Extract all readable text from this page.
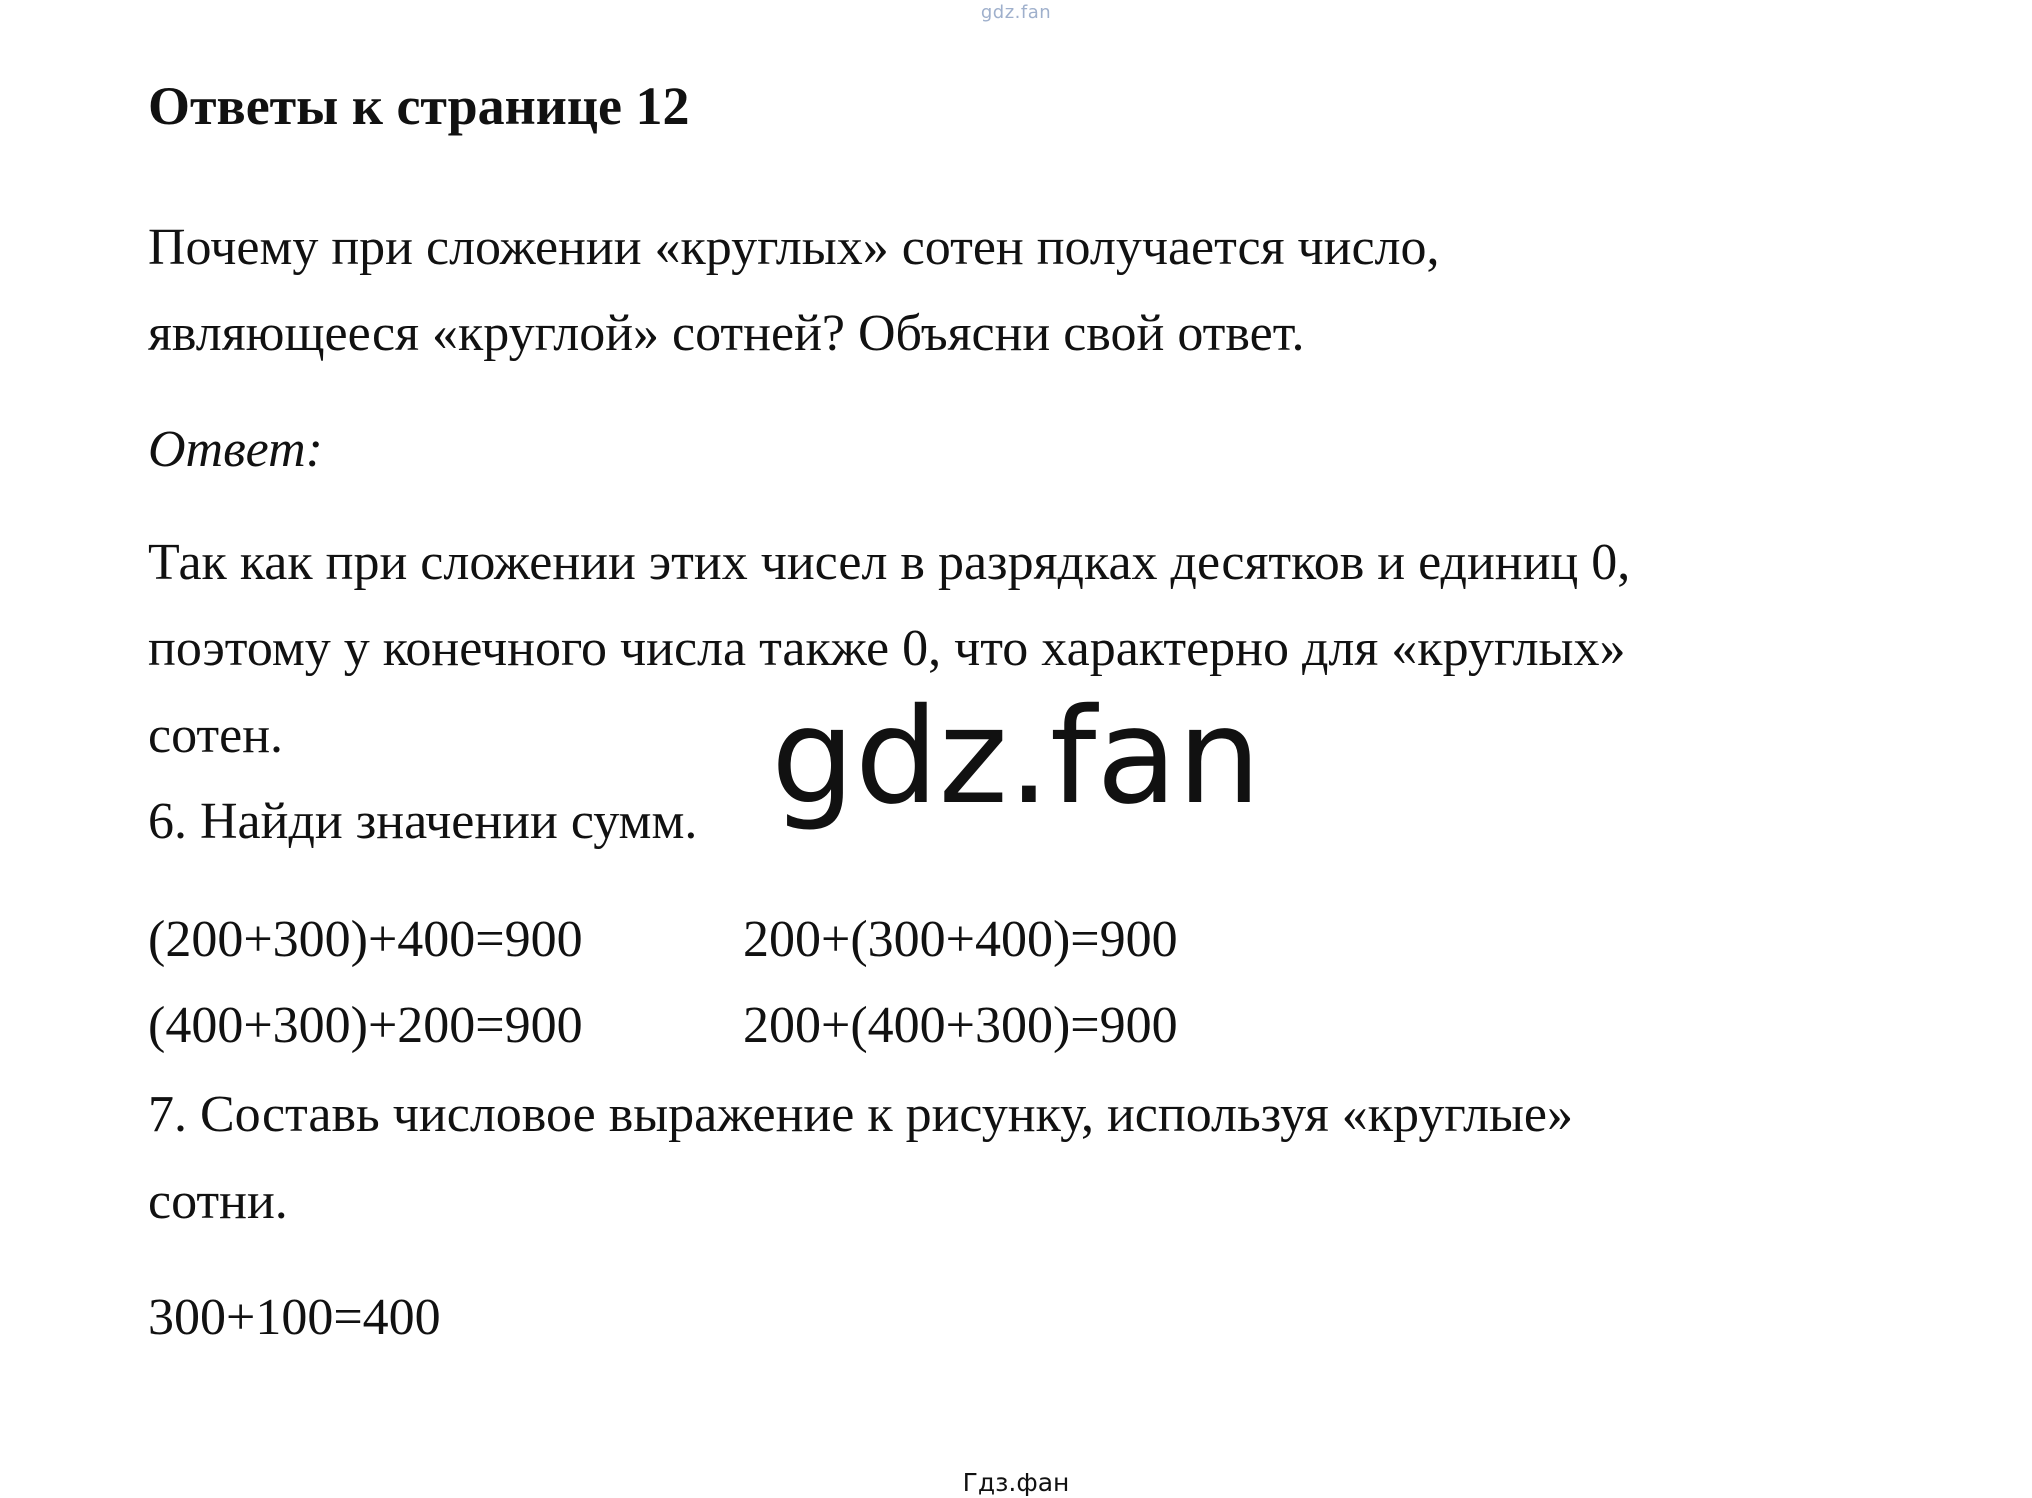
gdz.fan
Ответы к странице 12
Почему при сложении «круглых» сотен получается число,
являющееся «круглой» сотней? Объясни свой ответ.
Ответ:
Так как при сложении этих чисел в разрядках десятков и единиц 0,
поэтому у конечного числа также 0, что характерно для «круглых»
сотен.
6. Найди значении сумм.
(200+300)+400=900	200+(300+400)=900
(400+300)+200=900	200+(400+300)=900
7. Составь числовое выражение к рисунку, используя «круглые»
сотни.
300+100=400
gdz.fan
Гдз.фан
